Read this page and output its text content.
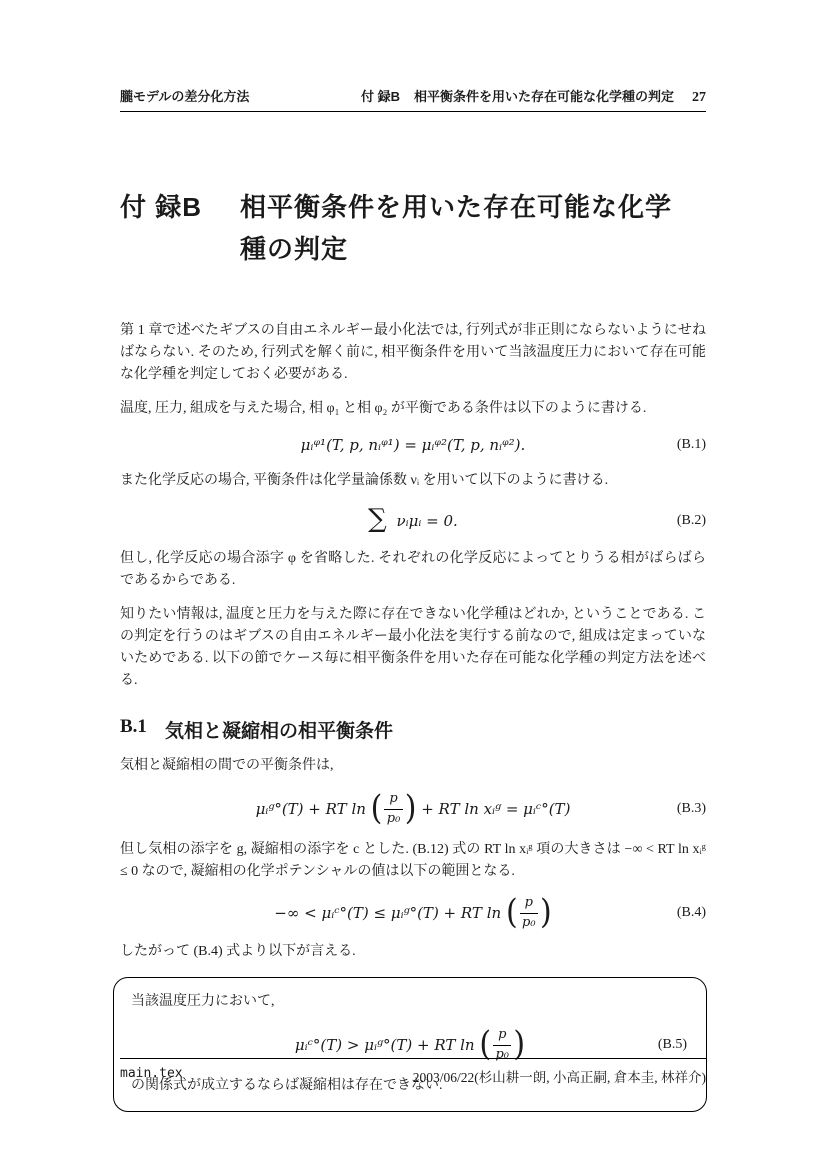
朧モデルの差分化方法	付 録B 相平衡条件を用いた存在可能な化学種の判定 27
付 録B 相平衡条件を用いた存在可能な化学種の判定

第 1 章で述べたギブスの自由エネルギー最小化法では, 行列式が非正則にならないようにせねばならない. そのため, 行列式を解く前に, 相平衡条件を用いて当該温度圧力において存在可能な化学種を判定しておく必要がある.

温度, 圧力, 組成を与えた場合, 相 φ₁ と相 φ₂ が平衡である条件は以下のように書ける.

μᵢᵠ¹(T, p, nᵢᵠ¹) = μᵢᵠ²(T, p, nᵢᵠ²).	(B.1)

また化学反応の場合, 平衡条件は化学量論係数 νᵢ を用いて以下のように書ける.

∑ νᵢμᵢ = 0.	(B.2)

但し, 化学反応の場合添字 φ を省略した. それぞれの化学反応によってとりうる相がばらばらであるからである.

知りたい情報は, 温度と圧力を与えた際に存在できない化学種はどれか, ということである. この判定を行うのはギブスの自由エネルギー最小化法を実行する前なので, 組成は定まっていないためである. 以下の節でケース毎に相平衡条件を用いた存在可能な化学種の判定方法を述べる.

B.1 気相と凝縮相の相平衡条件

気相と凝縮相の間での平衡条件は,

μᵢᵍ°(T) + RT ln ( $\frac{p}{\text{p₀}}$ ) + RT ln xᵢᵍ = μᵢᶜ°(T)	(B.3)

但し気相の添字を g, 凝縮相の添字を c とした. (B.12) 式の RT ln xᵢᵍ 項の大きさは −∞ < RT ln xᵢᵍ ≤ 0 なので, 凝縮相の化学ポテンシャルの値は以下の範囲となる.

−∞ < μᵢᶜ°(T) ≤ μᵢᵍ°(T) + RT ln ( $\frac{p}{\text{p₀}}$ )	(B.4)

したがって (B.4) 式より以下が言える.

当該温度圧力において,

μᵢᶜ°(T) > μᵢᵍ°(T) + RT ln ( $\frac{p}{\text{p₀}}$ )	(B.5)

の関係式が成立するならば凝縮相は存在できない.

main.tex	2003/06/22(杉山耕一朗, 小高正嗣, 倉本圭, 林祥介)
